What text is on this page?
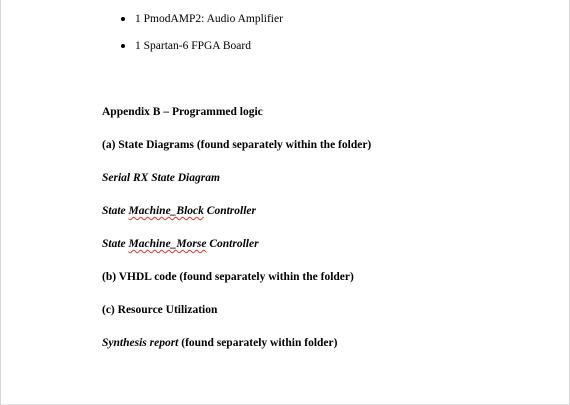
1 PmodAMP2: Audio Amplifier
1 Spartan-6 FPGA Board
Appendix B – Programmed logic
(a) State Diagrams (found separately within the folder)
Serial RX State Diagram
State Machine_Block Controller
State Machine_Morse Controller
(b) VHDL code (found separately within the folder)
(c) Resource Utilization
Synthesis report (found separately within folder)
